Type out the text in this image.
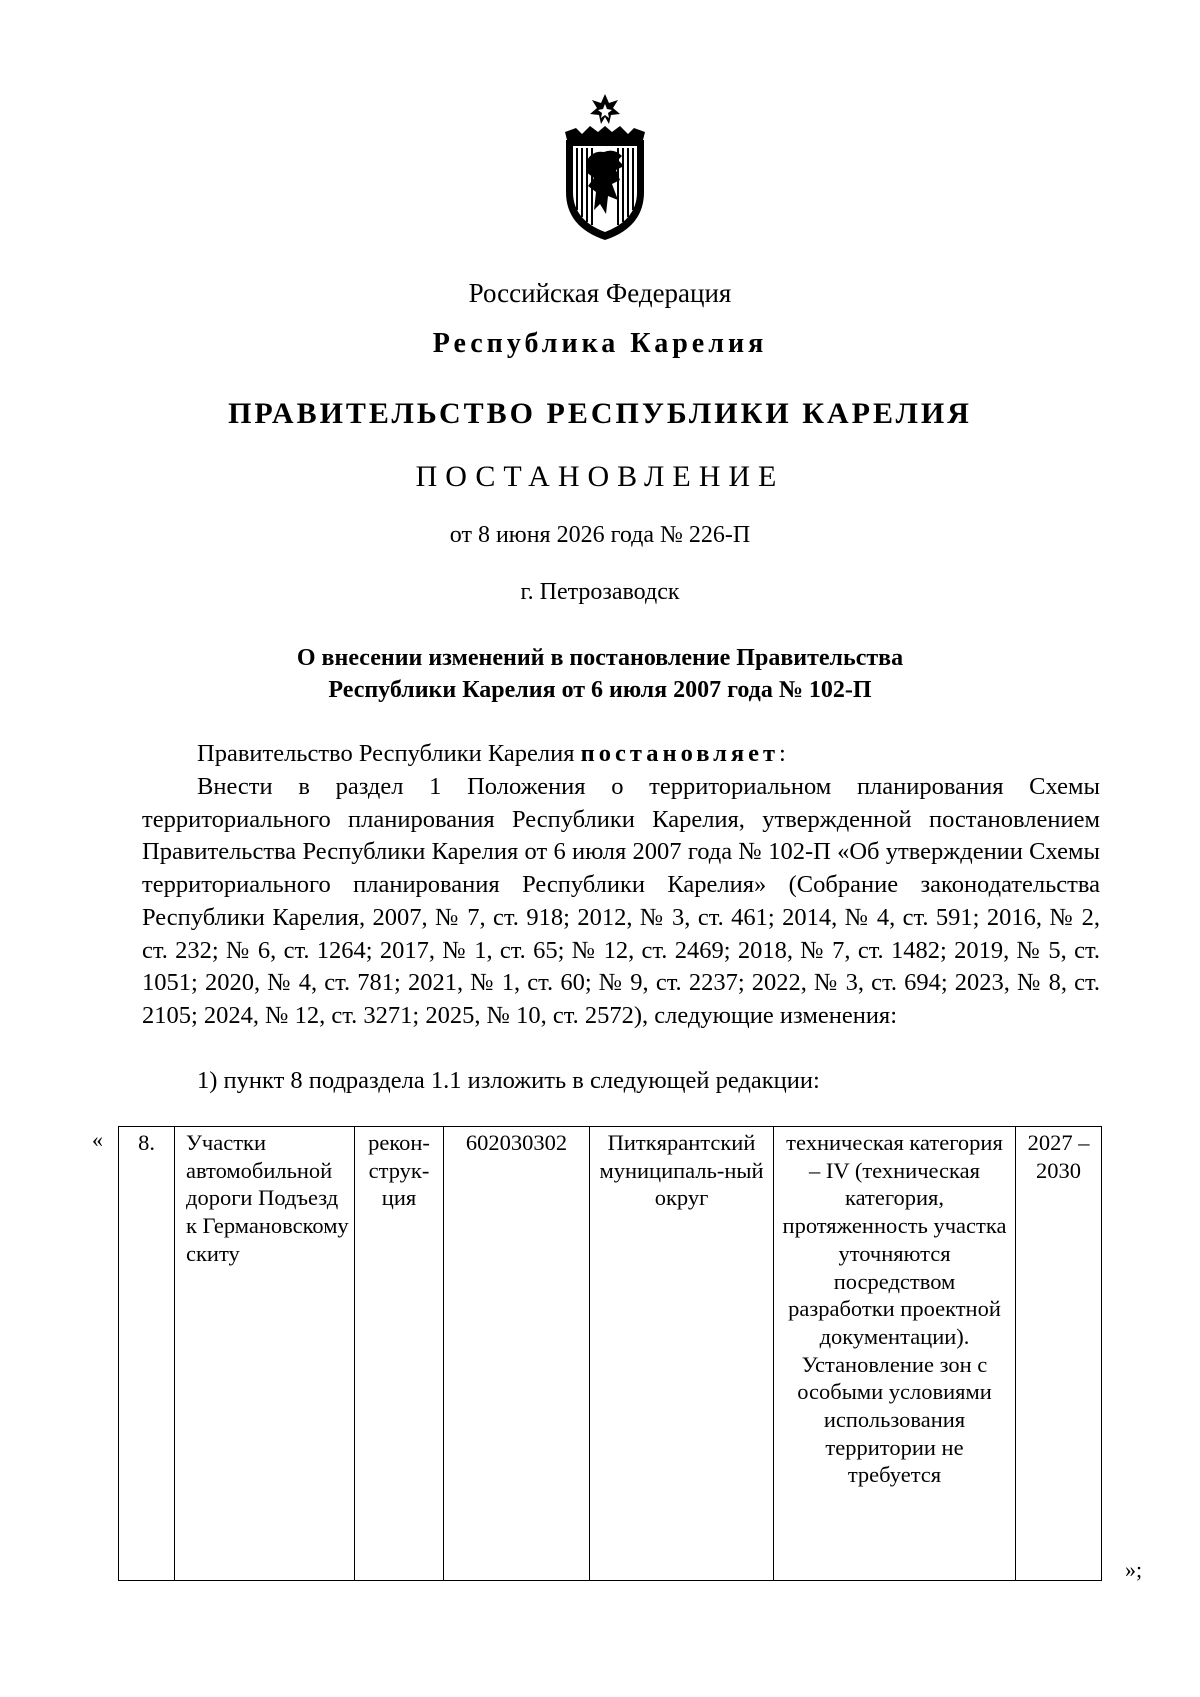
Российская Федерация
Республика Карелия
ПРАВИТЕЛЬСТВО РЕСПУБЛИКИ КАРЕЛИЯ
ПОСТАНОВЛЕНИЕ
от 8 июня 2026 года № 226-П
г. Петрозаводск
О внесении изменений в постановление Правительства
Республики Карелия от 6 июля 2007 года № 102-П
Правительство Республики Карелия постановляет:
Внести в раздел 1 Положения о территориальном планирования Схемы территориального планирования Республики Карелия, утвержденной постановлением Правительства Республики Карелия от 6 июля 2007 года № 102-П «Об утверждении Схемы территориального планирования Республики Карелия» (Собрание законодательства Республики Карелия, 2007, № 7, ст. 918; 2012, № 3, ст. 461; 2014, № 4, ст. 591; 2016, № 2, ст. 232; № 6, ст. 1264; 2017, № 1, ст. 65; № 12, ст. 2469; 2018, № 7, ст. 1482; 2019, № 5, ст. 1051; 2020, № 4, ст. 781; 2021, № 1, ст. 60; № 9, ст. 2237; 2022, № 3, ст. 694; 2023, № 8, ст. 2105; 2024, № 12, ст. 3271; 2025, № 10, ст. 2572), следующие изменения:
1) пункт 8 подраздела 1.1 изложить в следующей редакции:
« 8.	Участки автомобильной дороги Подъезд к Германовскому скиту	рекон-струк-ция	602030302	Питкярантский муниципаль-ный округ	техническая категория – IV (техническая категория, протяженность участка уточняются посредством разработки проектной документации). Установление зон с особыми условиями использования территории не требуется	2027 – 2030
»;
